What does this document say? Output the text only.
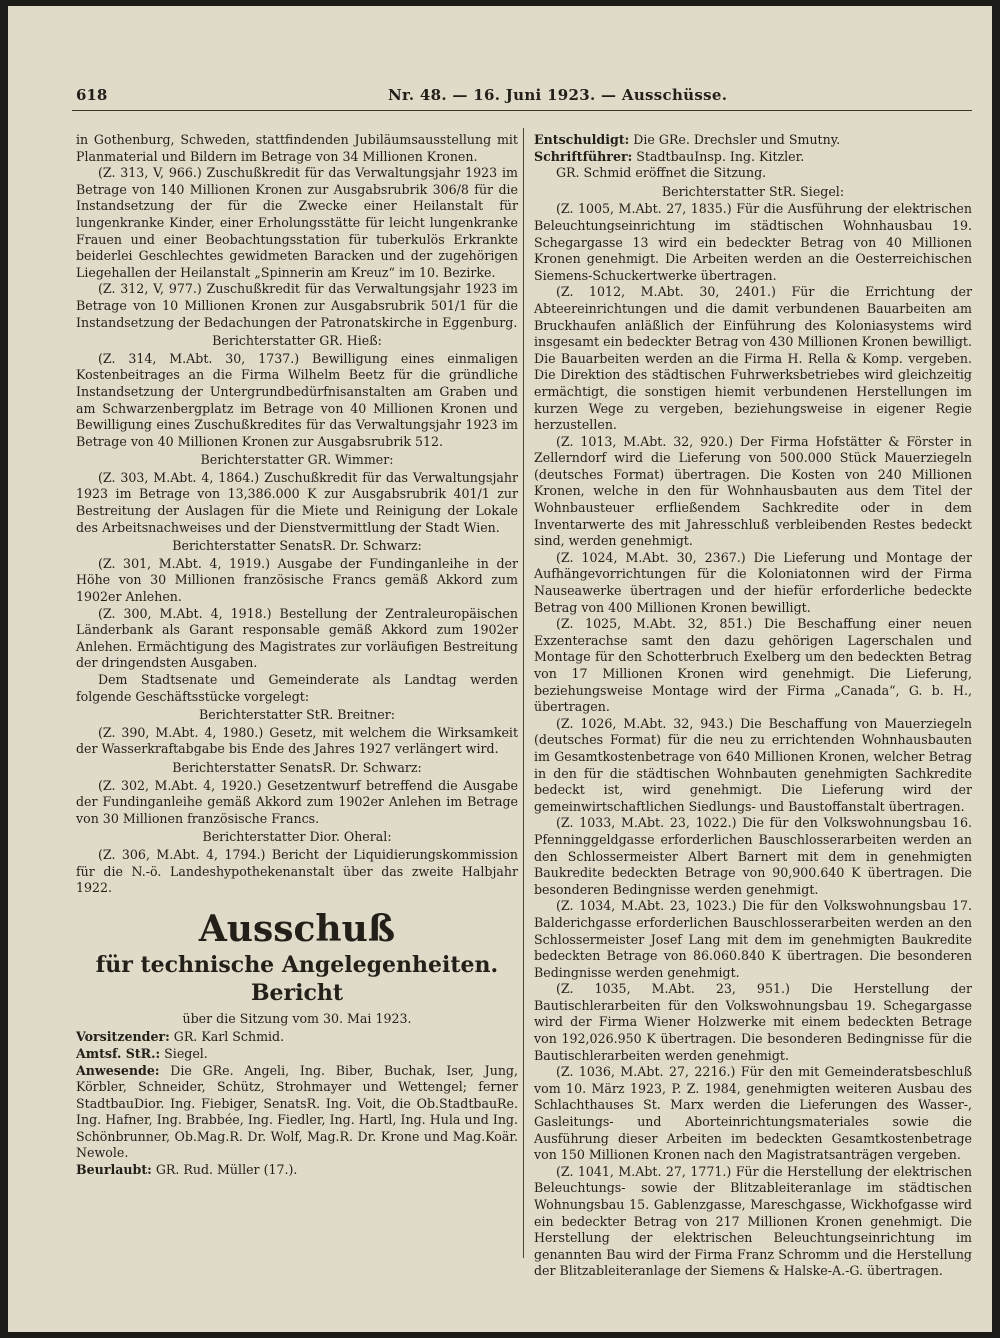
618	Nr. 48. — 16. Juni 1923. — Ausschüsse.

in Gothenburg, Schweden, stattfindenden Jubiläumsausstellung mit Planmaterial und Bildern im Betrage von 34 Millionen Kronen.

(Z. 313, V, 966.) Zuschußkredit für das Verwaltungsjahr 1923 im Betrage von 140 Millionen Kronen zur Ausgabsrubrik 306/8 für die Instandsetzung der für die Zwecke einer Heilanstalt für lungenkranke Kinder, einer Erholungsstätte für leicht lungenkranke Frauen und einer Beobachtungsstation für tuberkulös Erkrankte beiderlei Geschlechtes gewidmeten Baracken und der zugehörigen Liegehallen der Heilanstalt „Spinnerin am Kreuz“ im 10. Bezirke.

(Z. 312, V, 977.) Zuschußkredit für das Verwaltungsjahr 1923 im Betrage von 10 Millionen Kronen zur Ausgabsrubrik 501/1 für die Instandsetzung der Bedachungen der Patronatskirche in Eggenburg.

Berichterstatter GR. Hieß:

(Z. 314, M.Abt. 30, 1737.) Bewilligung eines einmaligen Kostenbeitrages an die Firma Wilhelm Beetz für die gründliche Instandsetzung der Untergrundbedürfnisanstalten am Graben und am Schwarzenbergplatz im Betrage von 40 Millionen Kronen und Bewilligung eines Zuschußkredites für das Verwaltungsjahr 1923 im Betrage von 40 Millionen Kronen zur Ausgabsrubrik 512.

Berichterstatter GR. Wimmer:

(Z. 303, M.Abt. 4, 1864.) Zuschußkredit für das Verwaltungsjahr 1923 im Betrage von 13,386.000 K zur Ausgabsrubrik 401/1 zur Bestreitung der Auslagen für die Miete und Reinigung der Lokale des Arbeitsnachweises und der Dienstvermittlung der Stadt Wien.

Berichterstatter SenatsR. Dr. Schwarz:

(Z. 301, M.Abt. 4, 1919.) Ausgabe der Fundinganleihe in der Höhe von 30 Millionen französische Francs gemäß Akkord zum 1902er Anlehen.

(Z. 300, M.Abt. 4, 1918.) Bestellung der Zentraleuropäischen Länderbank als Garant responsable gemäß Akkord zum 1902er Anlehen. Ermächtigung des Magistrates zur vorläufigen Bestreitung der dringendsten Ausgaben.

Dem Stadtsenate und Gemeinderate als Landtag werden folgende Geschäftsstücke vorgelegt:

Berichterstatter StR. Breitner:

(Z. 390, M.Abt. 4, 1980.) Gesetz, mit welchem die Wirksamkeit der Wasserkraftabgabe bis Ende des Jahres 1927 verlängert wird.

Berichterstatter SenatsR. Dr. Schwarz:

(Z. 302, M.Abt. 4, 1920.) Gesetzentwurf betreffend die Ausgabe der Fundinganleihe gemäß Akkord zum 1902er Anlehen im Betrage von 30 Millionen französische Francs.

Berichterstatter Dior. Oheral:

(Z. 306, M.Abt. 4, 1794.) Bericht der Liquidierungskommission für die N.-ö. Landeshypothekenanstalt über das zweite Halbjahr 1922.

Ausschuß
für technische Angelegenheiten.
Bericht

über die Sitzung vom 30. Mai 1923.

Vorsitzender: GR. Karl Schmid.

Amtsf. StR.: Siegel.

Anwesende: Die GRe. Angeli, Ing. Biber, Buchak, Iser, Jung, Körbler, Schneider, Schütz, Strohmayer und Wettengel; ferner StadtbauDior. Ing. Fiebiger, SenatsR. Ing. Voit, die Ob.StadtbauRe. Ing. Hafner, Ing. Brabbée, Ing. Fiedler, Ing. Hartl, Ing. Hula und Ing. Schönbrunner, Ob.Mag.R. Dr. Wolf, Mag.R. Dr. Krone und Mag.Koär. Newole.

Beurlaubt: GR. Rud. Müller (17.).

Entschuldigt: Die GRe. Drechsler und Smutny.

Schriftführer: StadtbauInsp. Ing. Kitzler.

GR. Schmid eröffnet die Sitzung.

Berichterstatter StR. Siegel:

(Z. 1005, M.Abt. 27, 1835.) Für die Ausführung der elektrischen Beleuchtungseinrichtung im städtischen Wohnhausbau 19. Schegargasse 13 wird ein bedeckter Betrag von 40 Millionen Kronen genehmigt. Die Arbeiten werden an die Oesterreichischen Siemens-Schuckertwerke übertragen.

(Z. 1012, M.Abt. 30, 2401.) Für die Errichtung der Abteereinrichtungen und die damit verbundenen Bauarbeiten am Bruckhaufen anläßlich der Einführung des Koloniasystems wird insgesamt ein bedeckter Betrag von 430 Millionen Kronen bewilligt. Die Bauarbeiten werden an die Firma H. Rella & Komp. vergeben. Die Direktion des städtischen Fuhrwerksbetriebes wird gleichzeitig ermächtigt, die sonstigen hiemit verbundenen Herstellungen im kurzen Wege zu vergeben, beziehungsweise in eigener Regie herzustellen.

(Z. 1013, M.Abt. 32, 920.) Der Firma Hofstätter & Förster in Zellerndorf wird die Lieferung von 500.000 Stück Mauerziegeln (deutsches Format) übertragen. Die Kosten von 240 Millionen Kronen, welche in den für Wohnhausbauten aus dem Titel der Wohnbausteuer erfließendem Sachkredite oder in dem Inventarwerte des mit Jahresschluß verbleibenden Restes bedeckt sind, werden genehmigt.

(Z. 1024, M.Abt. 30, 2367.) Die Lieferung und Montage der Aufhängevorrichtungen für die Koloniatonnen wird der Firma Nauseawerke übertragen und der hiefür erforderliche bedeckte Betrag von 400 Millionen Kronen bewilligt.

(Z. 1025, M.Abt. 32, 851.) Die Beschaffung einer neuen Exzenterachse samt den dazu gehörigen Lagerschalen und Montage für den Schotterbruch Exelberg um den bedeckten Betrag von 17 Millionen Kronen wird genehmigt. Die Lieferung, beziehungsweise Montage wird der Firma „Canada“, G. b. H., übertragen.

(Z. 1026, M.Abt. 32, 943.) Die Beschaffung von Mauerziegeln (deutsches Format) für die neu zu errichtenden Wohnhausbauten im Gesamtkostenbetrage von 640 Millionen Kronen, welcher Betrag in den für die städtischen Wohnbauten genehmigten Sachkredite bedeckt ist, wird genehmigt. Die Lieferung wird der gemeinwirtschaftlichen Siedlungs- und Baustoffanstalt übertragen.

(Z. 1033, M.Abt. 23, 1022.) Die für den Volkswohnungsbau 16. Pfenninggeldgasse erforderlichen Bauschlosserarbeiten werden an den Schlossermeister Albert Barnert mit dem in genehmigten Baukredite bedeckten Betrage von 90,900.640 K übertragen. Die besonderen Bedingnisse werden genehmigt.

(Z. 1034, M.Abt. 23, 1023.) Die für den Volkswohnungsbau 17. Balderichgasse erforderlichen Bauschlosserarbeiten werden an den Schlossermeister Josef Lang mit dem im genehmigten Baukredite bedeckten Betrage von 86.060.840 K übertragen. Die besonderen Bedingnisse werden genehmigt.

(Z. 1035, M.Abt. 23, 951.) Die Herstellung der Bautischlerarbeiten für den Volkswohnungsbau 19. Schegargasse wird der Firma Wiener Holzwerke mit einem bedeckten Betrage von 192,026.950 K übertragen. Die besonderen Bedingnisse für die Bautischlerarbeiten werden genehmigt.

(Z. 1036, M.Abt. 27, 2216.) Für den mit Gemeinderatsbeschluß vom 10. März 1923, P. Z. 1984, genehmigten weiteren Ausbau des Schlachthauses St. Marx werden die Lieferungen des Wasser-, Gasleitungs- und Aborteinrichtungsmateriales sowie die Ausführung dieser Arbeiten im bedeckten Gesamtkostenbetrage von 150 Millionen Kronen nach den Magistratsanträgen vergeben.

(Z. 1041, M.Abt. 27, 1771.) Für die Herstellung der elektrischen Beleuchtungs- sowie der Blitzableiteranlage im städtischen Wohnungsbau 15. Gablenzgasse, Mareschgasse, Wickhofgasse wird ein bedeckter Betrag von 217 Millionen Kronen genehmigt. Die Herstellung der elektrischen Beleuchtungseinrichtung im genannten Bau wird der Firma Franz Schromm und die Herstellung der Blitzableiteranlage der Siemens & Halske-A.-G. übertragen.
